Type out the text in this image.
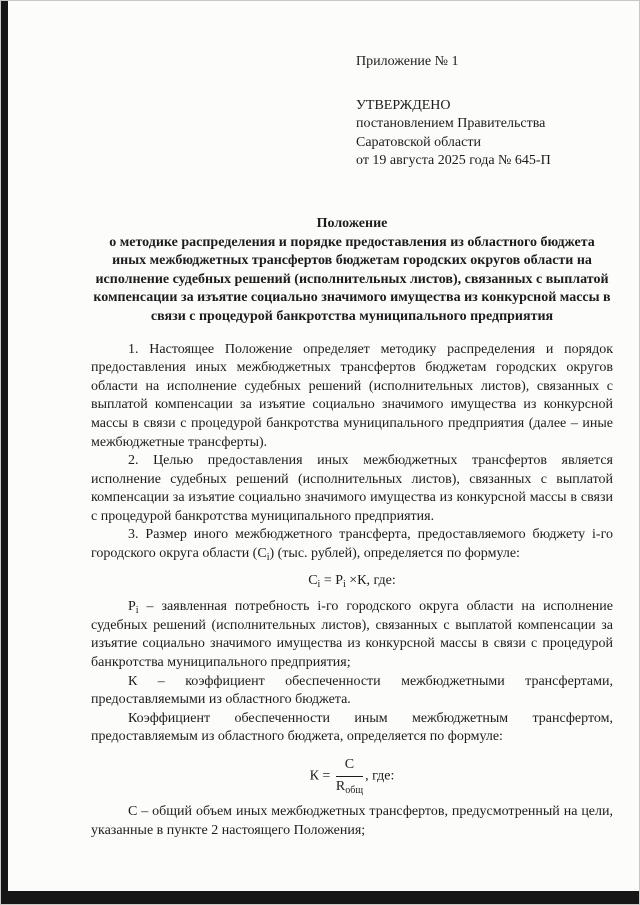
Приложение № 1
УТВЕРЖДЕНО
постановлением Правительства
Саратовской области
от 19 августа 2025 года № 645-П
Положение
о методике распределения и порядке предоставления из областного бюджета иных межбюджетных трансфертов бюджетам городских округов области на исполнение судебных решений (исполнительных листов), связанных с выплатой компенсации за изъятие социально значимого имущества из конкурсной массы в связи с процедурой банкротства муниципального предприятия

1. Настоящее Положение определяет методику распределения и порядок предоставления иных межбюджетных трансфертов бюджетам городских округов области на исполнение судебных решений (исполнительных листов), связанных с выплатой компенсации за изъятие социально значимого имущества из конкурсной массы в связи с процедурой банкротства муниципального предприятия (далее – иные межбюджетные трансферты).

2. Целью предоставления иных межбюджетных трансфертов является исполнение судебных решений (исполнительных листов), связанных с выплатой компенсации за изъятие социально значимого имущества из конкурсной массы в связи с процедурой банкротства муниципального предприятия.

3. Размер иного межбюджетного трансферта, предоставляемого бюджету i-го городского округа области $(С_i)$ (тыс. рублей), определяется по формуле:

$С_i = Р_i \times К$, где:

$Р_i$ – заявленная потребность i-го городского округа области на исполнение судебных решений (исполнительных листов), связанных с выплатой компенсации за изъятие социально значимого имущества из конкурсной массы в связи с процедурой банкротства муниципального предприятия;

К – коэффициент обеспеченности межбюджетными трансфертами, предоставляемыми из областного бюджета.

Коэффициент обеспеченности иным межбюджетным трансфертом, предоставляемым из областного бюджета, определяется по формуле:

$К = \frac{С}{R_{общ}}$ , где:

С – общий объем иных межбюджетных трансфертов, предусмотренный на цели, указанные в пункте 2 настоящего Положения;
